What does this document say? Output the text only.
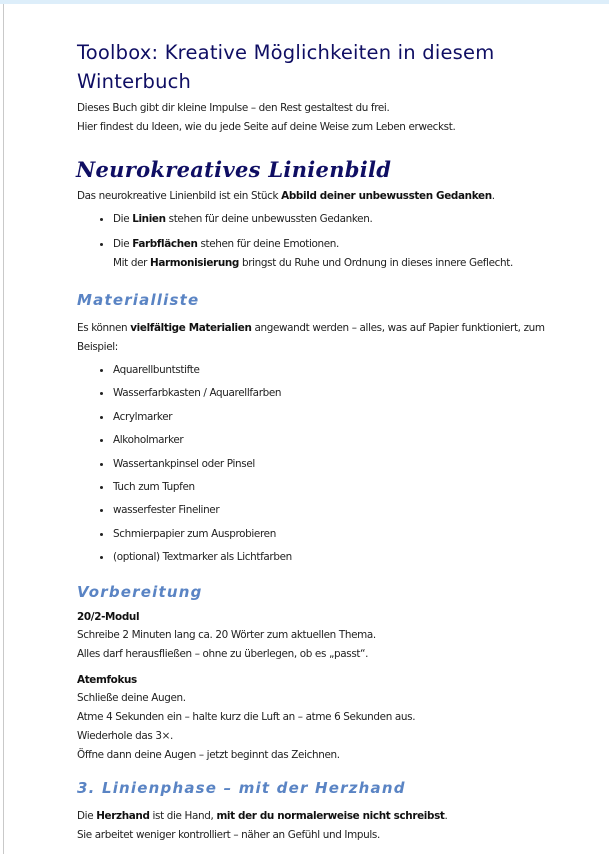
Toolbox: Kreative Möglichkeiten in diesem
Winterbuch

Dieses Buch gibt dir kleine Impulse – den Rest gestaltest du frei.

Hier findest du Ideen, wie du jede Seite auf deine Weise zum Leben erweckst.

Neurokreatives Linienbild

Das neurokreative Linienbild ist ein Stück Abbild deiner unbewussten Gedanken.

Die Linien stehen für deine unbewussten Gedanken.
Die Farbflächen stehen für deine Emotionen.
Mit der Harmonisierung bringst du Ruhe und Ordnung in dieses innere Geflecht.
Materialliste

Es können vielfältige Materialien angewandt werden – alles, was auf Papier funktioniert, zum Beispiel:

Aquarellbuntstifte
Wasserfarbkasten / Aquarellfarben
Acrylmarker
Alkoholmarker
Wassertankpinsel oder Pinsel
Tuch zum Tupfen
wasserfester Fineliner
Schmierpapier zum Ausprobieren
(optional) Textmarker als Lichtfarben
Vorbereitung

20/2-Modul

Schreibe 2 Minuten lang ca. 20 Wörter zum aktuellen Thema.

Alles darf herausfließen – ohne zu überlegen, ob es „passt“.

Atemfokus

Schließe deine Augen.

Atme 4 Sekunden ein – halte kurz die Luft an – atme 6 Sekunden aus.

Wiederhole das 3×.

Öffne dann deine Augen – jetzt beginnt das Zeichnen.

3. Linienphase – mit der Herzhand

Die Herzhand ist die Hand, mit der du normalerweise nicht schreibst.

Sie arbeitet weniger kontrolliert – näher an Gefühl und Impuls.
